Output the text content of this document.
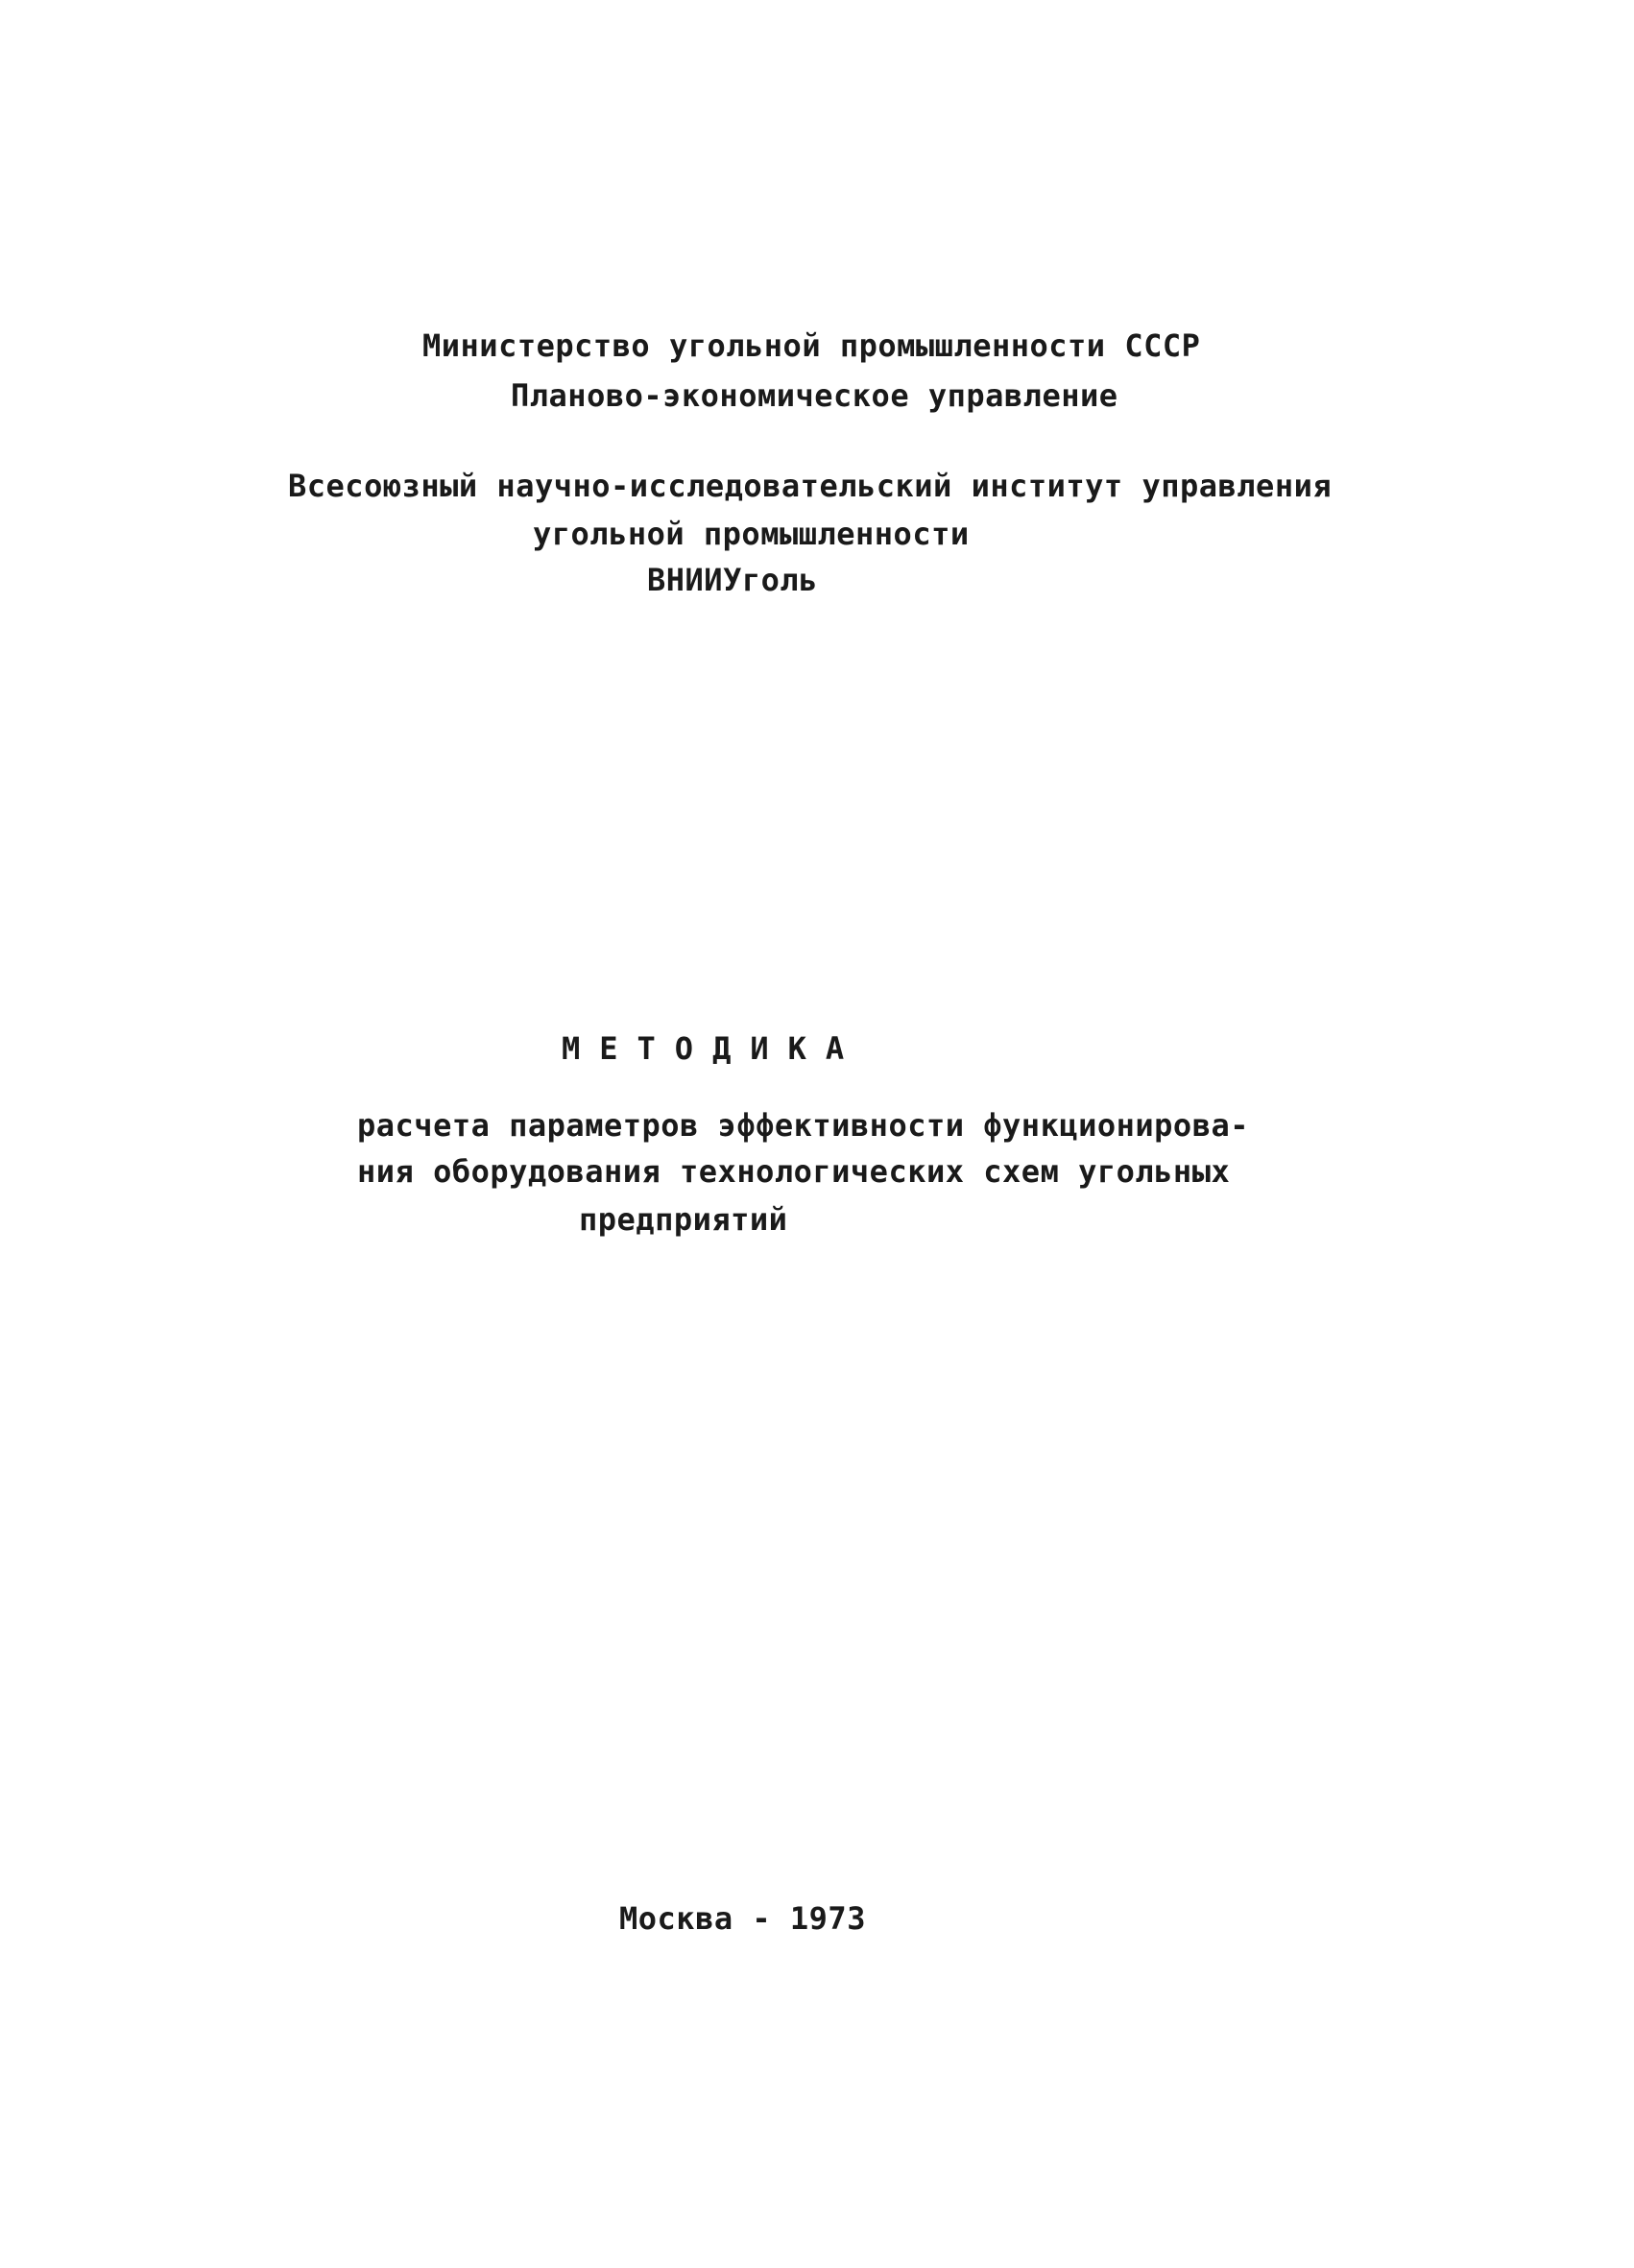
Министерство угольной промышленности СССР
Планово-экономическое управление
Всесоюзный научно-исследовательский институт управления
угольной промышленности
ВНИИУголь
МЕТОДИКА
расчета параметров эффективности функционирова-
ния оборудования технологических схем угольных
предприятий
Москва - 1973
